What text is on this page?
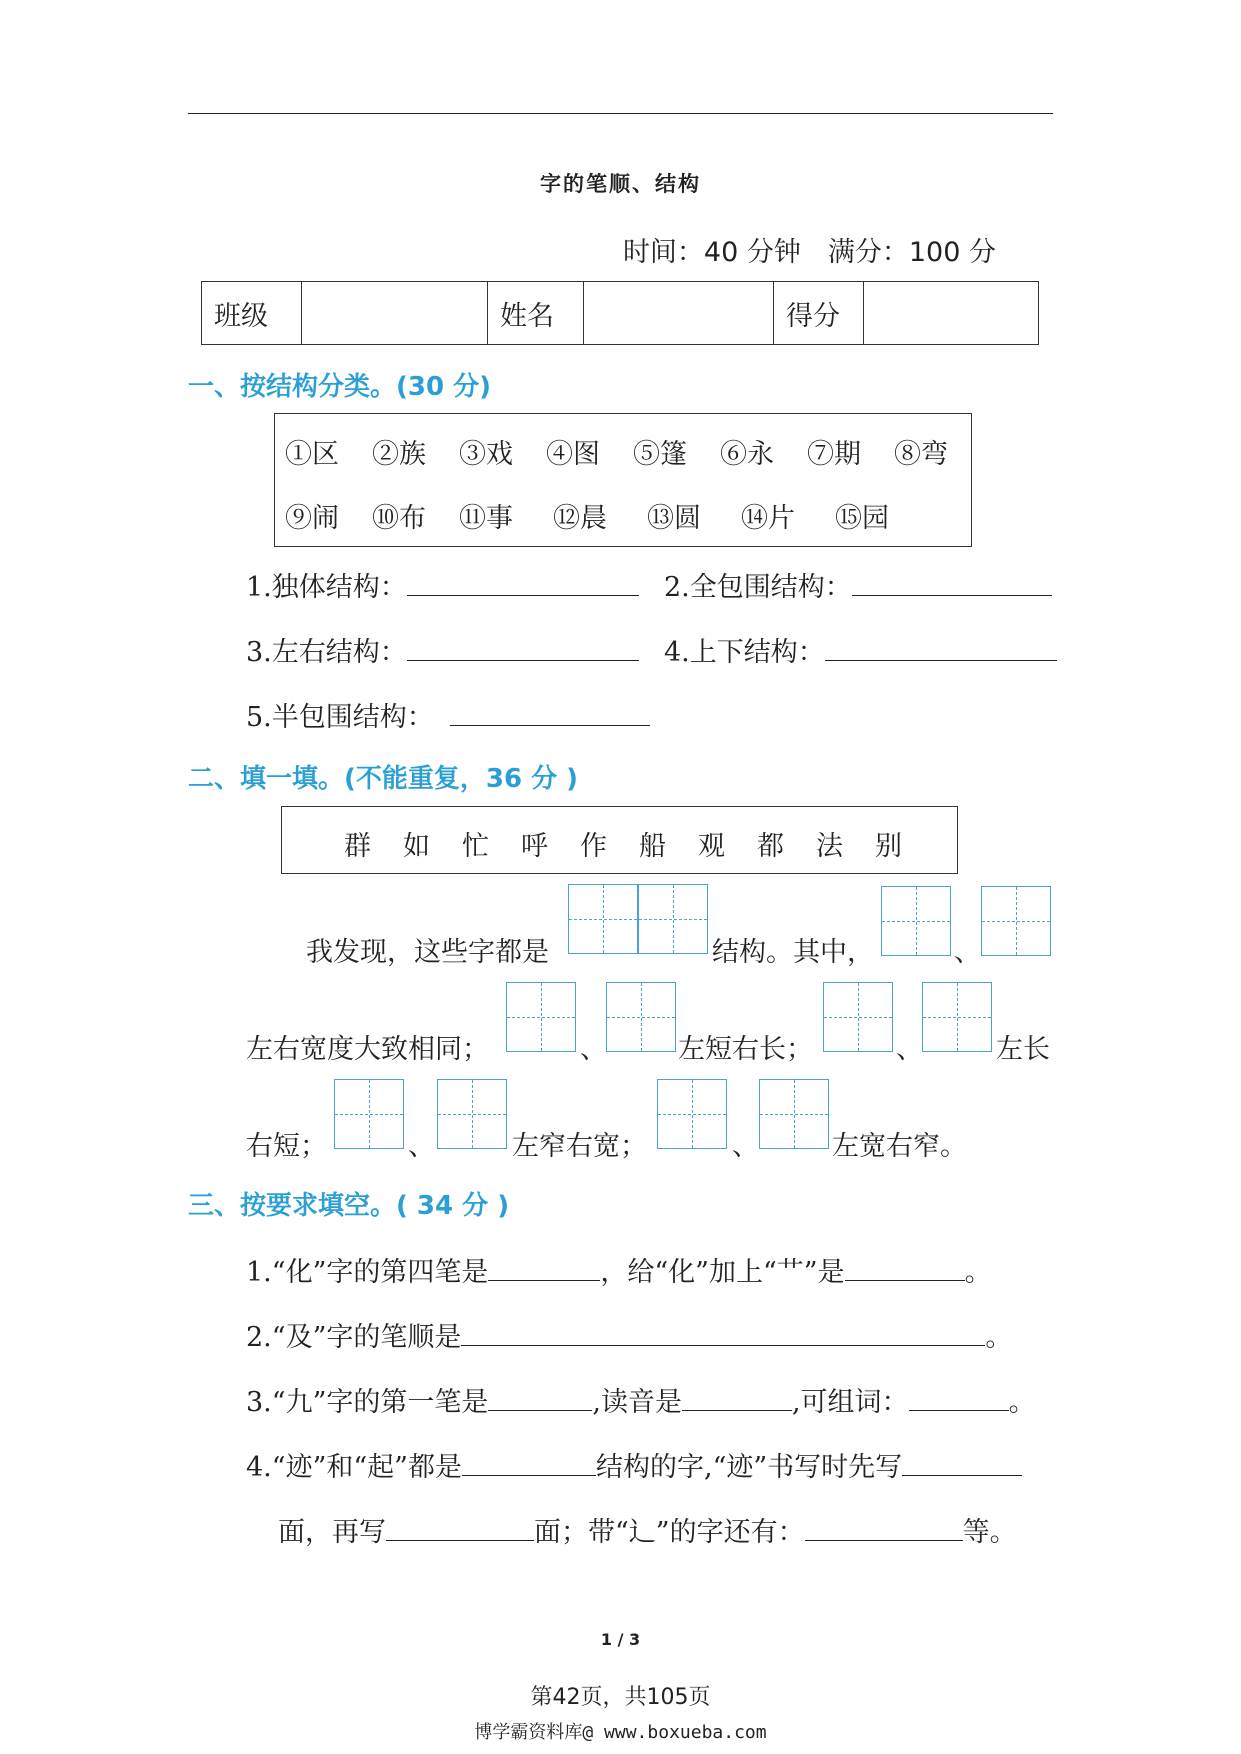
字的笔顺、结构
时间：40 分钟　满分：100 分
班级	姓名	得分
一、按结构分类。(30 分)
①区 ②族 ③戏 ④图 ⑤篷 ⑥永 ⑦期 ⑧弯
⑨闹 ⑩布 ⑪事 ⑫晨 ⑬圆 ⑭片 ⑮园
1.独体结构：	2.全包围结构：
3.左右结构：	4.上下结构：
5.半包围结构：
二、填一填。(不能重复，36 分 )
群 如 忙 呼 作 船 观 都 法 别
我发现，这些字都是	结构。其中，	、
左右宽度大致相同；	、	左短右长；	、	左长
右短；	、	左窄右宽；	、	左宽右窄。
三、按要求填空。( 34 分 )
1.“化”字的第四笔是	，给“化”加上“艹”是	。
2.“及”字的笔顺是	。
3.“九”字的第一笔是	,读音是	,可组词：	。
4.“迹”和“起”都是	结构的字,“迹”书写时先写
面，再写	面；带“辶”的字还有：	等。
1 / 3
第42页，共105页
博学霸资料库@ www.boxueba.com
